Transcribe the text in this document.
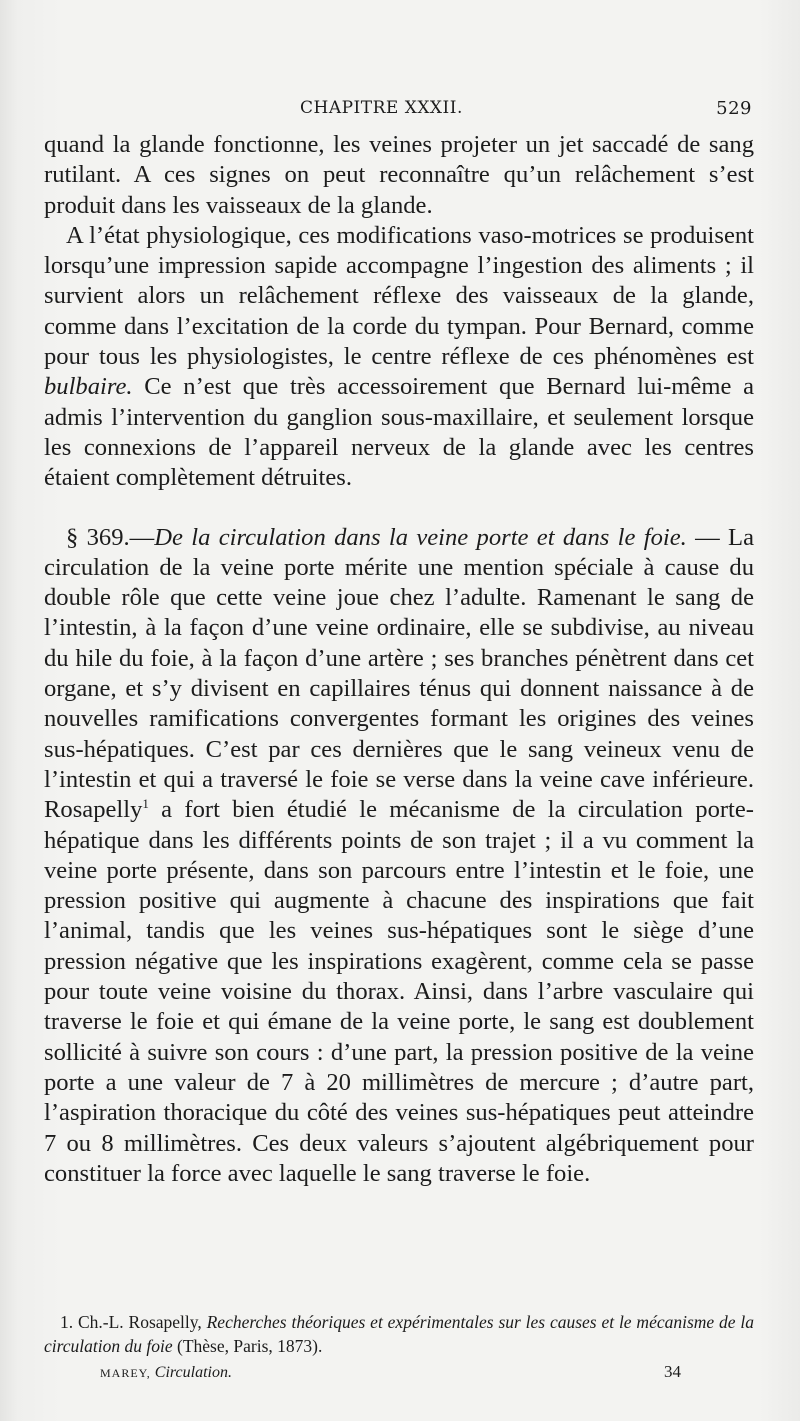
CHAPITRE XXXII.	529

quand la glande fonctionne, les veines projeter un jet saccadé de sang rutilant. A ces signes on peut reconnaître qu’un relâchement s’est produit dans les vaisseaux de la glande.

A l’état physiologique, ces modifications vaso-motrices se produisent lorsqu’une impression sapide accompagne l’ingestion des aliments ; il survient alors un relâchement réflexe des vaisseaux de la glande, comme dans l’excitation de la corde du tympan. Pour Bernard, comme pour tous les physiologistes, le centre réflexe de ces phénomènes est bulbaire. Ce n’est que très accessoirement que Bernard lui-même a admis l’intervention du ganglion sous-maxillaire, et seulement lorsque les connexions de l’appareil nerveux de la glande avec les centres étaient complètement détruites.

§ 369.—De la circulation dans la veine porte et dans le foie. — La circulation de la veine porte mérite une mention spéciale à cause du double rôle que cette veine joue chez l’adulte. Ramenant le sang de l’intestin, à la façon d’une veine ordinaire, elle se subdivise, au niveau du hile du foie, à la façon d’une artère ; ses branches pénètrent dans cet organe, et s’y divisent en capillaires ténus qui donnent naissance à de nouvelles ramifications convergentes formant les origines des veines sus-hépatiques. C’est par ces dernières que le sang veineux venu de l’intestin et qui a traversé le foie se verse dans la veine cave inférieure. Rosapelly$^1$ a fort bien étudié le mécanisme de la circulation porte-hépatique dans les différents points de son trajet ; il a vu comment la veine porte présente, dans son parcours entre l’intestin et le foie, une pression positive qui augmente à chacune des inspirations que fait l’animal, tandis que les veines sus-hépatiques sont le siège d’une pression négative que les inspirations exagèrent, comme cela se passe pour toute veine voisine du thorax. Ainsi, dans l’arbre vasculaire qui traverse le foie et qui émane de la veine porte, le sang est doublement sollicité à suivre son cours : d’une part, la pression positive de la veine porte a une valeur de 7 à 20 millimètres de mercure ; d’autre part, l’aspiration thoracique du côté des veines sus-hépatiques peut atteindre 7 ou 8 millimètres. Ces deux valeurs s’ajoutent algébriquement pour constituer la force avec laquelle le sang traverse le foie.

1. Ch.-L. Rosapelly, Recherches théoriques et expérimentales sur les causes et le mécanisme de la circulation du foie (Thèse, Paris, 1873).

MAREY, Circulation.	34
